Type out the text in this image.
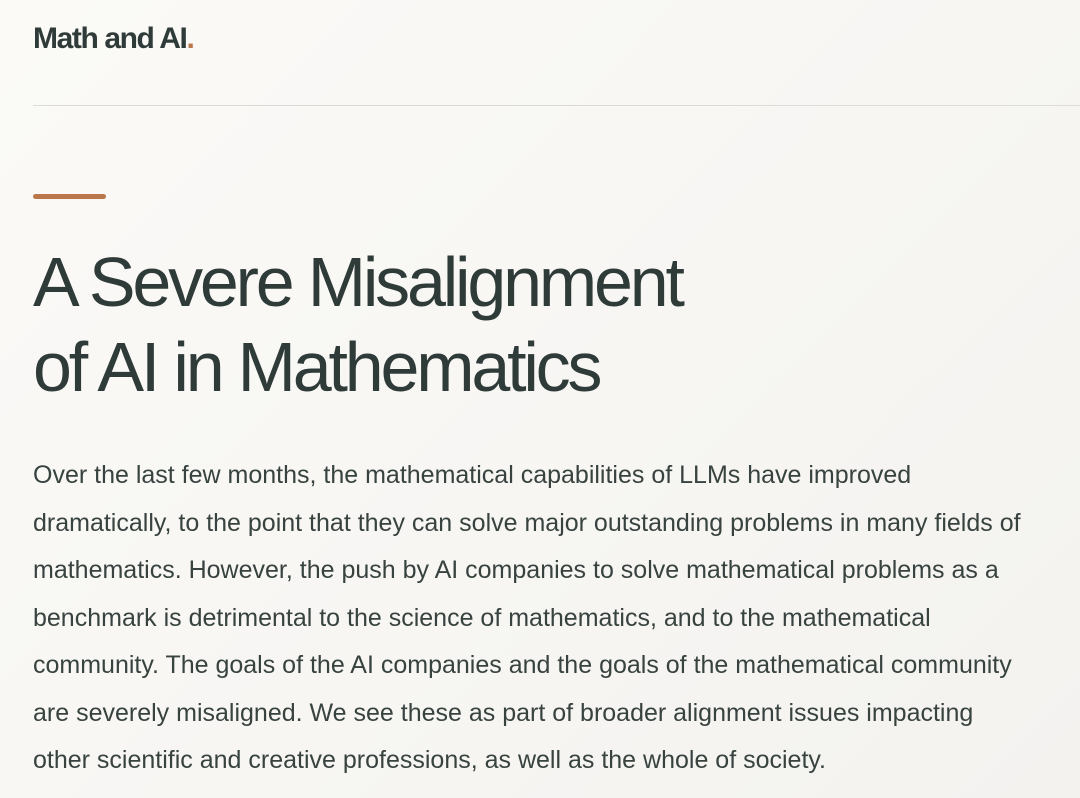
Math and AI.
A Severe Misalignment
of AI in Mathematics

Over the last few months, the mathematical capabilities of LLMs have improved
dramatically, to the point that they can solve major outstanding problems in many fields of
mathematics. However, the push by AI companies to solve mathematical problems as a
benchmark is detrimental to the science of mathematics, and to the mathematical
community. The goals of the AI companies and the goals of the mathematical community
are severely misaligned. We see these as part of broader alignment issues impacting
other scientific and creative professions, as well as the whole of society.
